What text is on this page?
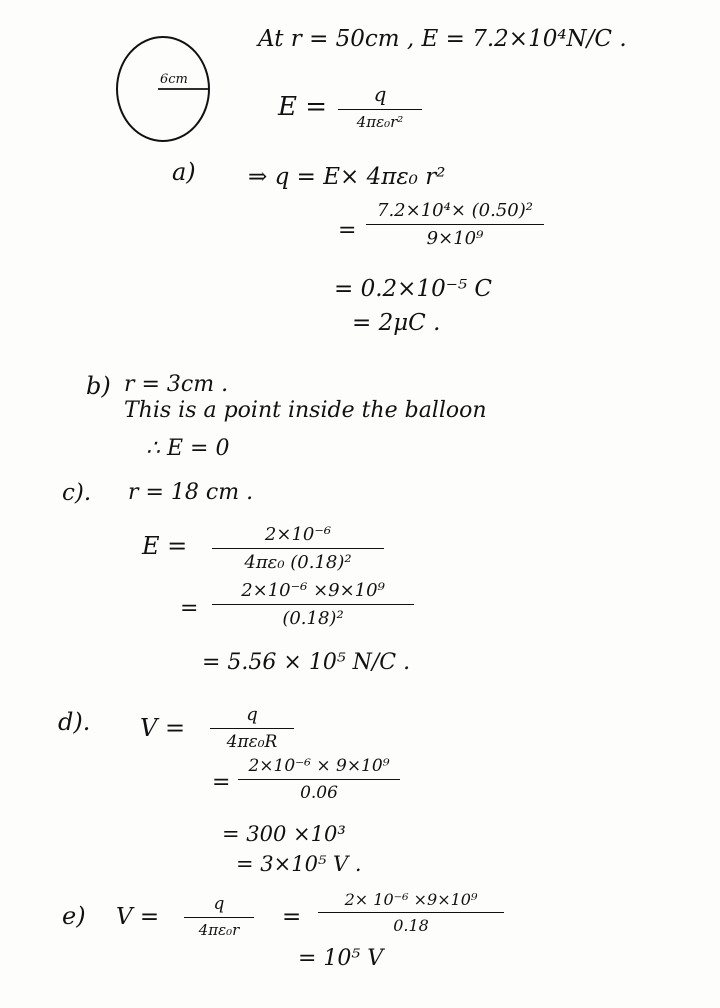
6cm
At r = 50cm , E = 7.2×10⁴N/C .
E =	q
4πε₀r²
a) ⇒ q = E× 4πε₀ r²
=
7.2×10⁴× (0.50)²
9×10⁹
= 0.2×10⁻⁵ C
= 2μC .
b) r = 3cm .
This is a point inside the balloon
∴ E = 0
c). r = 18 cm .
E =	2×10⁻⁶
4πε₀ (0.18)²
=
2×10⁻⁶ ×9×10⁹
(0.18)²
= 5.56 × 10⁵ N/C .
d). V =	q
4πε₀R
=
2×10⁻⁶ × 9×10⁹
0.06
= 300 ×10³
= 3×10⁵ V .
e) V =	q
4πε₀r	=
2× 10⁻⁶ ×9×10⁹
0.18
= 10⁵ V
